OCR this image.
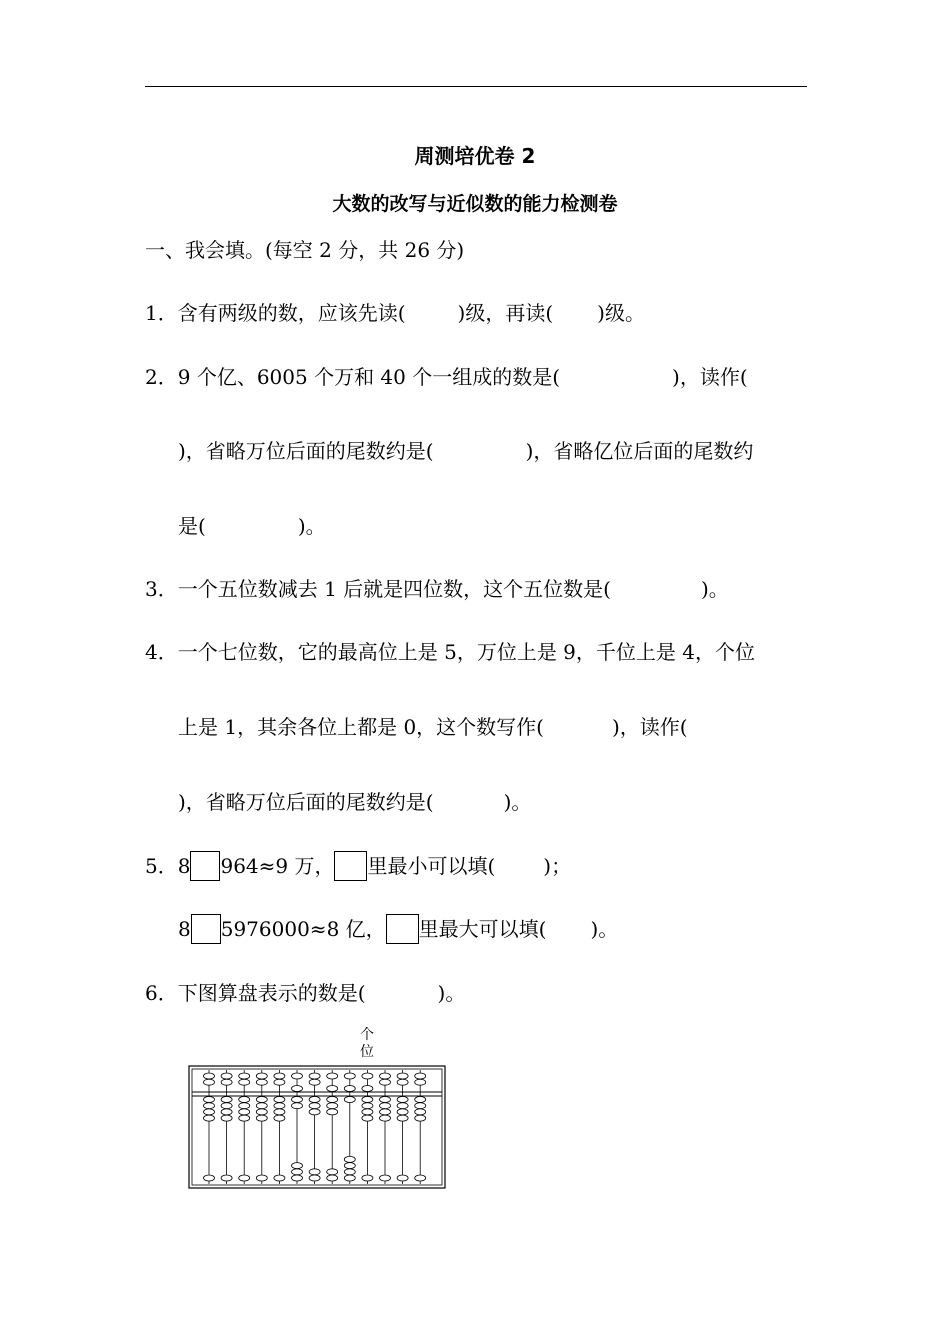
周测培优卷 2
大数的改写与近似数的能力检测卷
一、我会填。(每空 2 分，共 26 分)
1．含有两级的数，应该先读(	)级，再读( )级。
2．9 个亿、6005 个万和 40 个一组成的数是(	)，读作(
)，省略万位后面的尾数约是(	)，省略亿位后面的尾数约
是(	)。
3．一个五位数减去 1 后就是四位数，这个五位数是(	)。
4．一个七位数，它的最高位上是 5，万位上是 9，千位上是 4，个位
上是 1，其余各位上都是 0，这个数写作(	)，读作(
)，省略万位后面的尾数约是(	)。
5．8 964≈9 万， 里最小可以填( )；
8 5976000≈8 亿， 里最大可以填( )。
6．下图算盘表示的数是(	)。
个
位
